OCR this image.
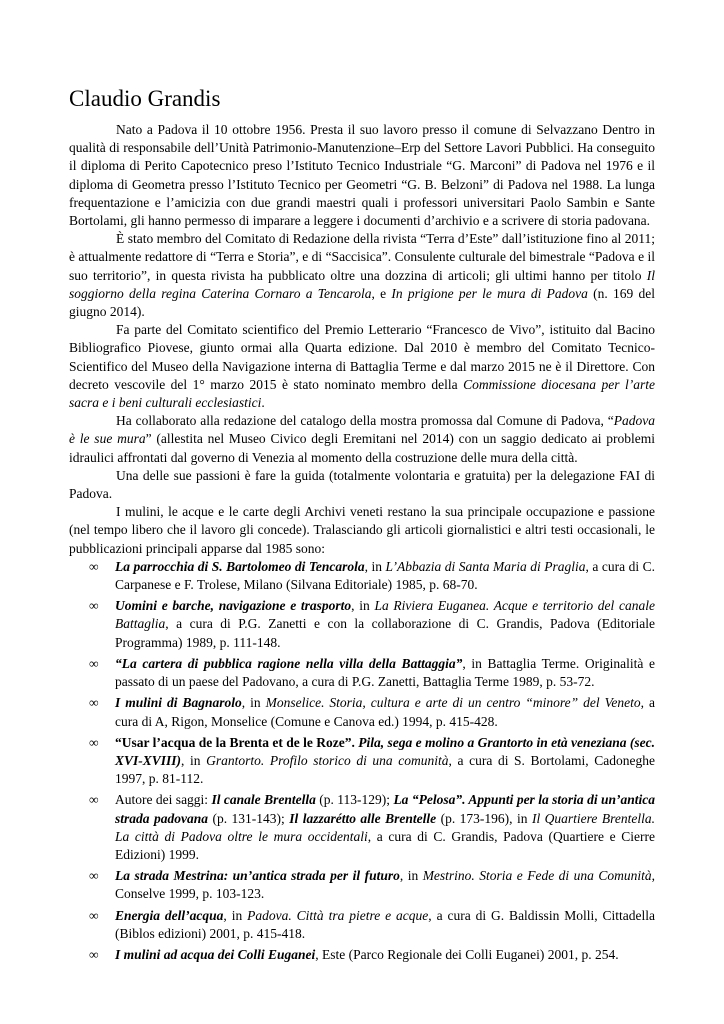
Claudio Grandis

Nato a Padova il 10 ottobre 1956. Presta il suo lavoro presso il comune di Selvazzano Dentro in qualità di responsabile dell’Unità Patrimonio-Manutenzione–Erp del Settore Lavori Pubblici. Ha conseguito il diploma di Perito Capotecnico preso l’Istituto Tecnico Industriale “G. Marconi” di Padova nel 1976 e il diploma di Geometra presso l’Istituto Tecnico per Geometri “G. B. Belzoni” di Padova nel 1988. La lunga frequentazione e l’amicizia con due grandi maestri quali i professori universitari Paolo Sambin e Sante Bortolami, gli hanno permesso di imparare a leggere i documenti d’archivio e a scrivere di storia padovana.

È stato membro del Comitato di Redazione della rivista “Terra d’Este” dall’istituzione fino al 2011; è attualmente redattore di “Terra e Storia”, e di “Saccisica”. Consulente culturale del bimestrale “Padova e il suo territorio”, in questa rivista ha pubblicato oltre una dozzina di articoli; gli ultimi hanno per titolo Il soggiorno della regina Caterina Cornaro a Tencarola, e In prigione per le mura di Padova (n. 169 del giugno 2014).

Fa parte del Comitato scientifico del Premio Letterario “Francesco de Vivo”, istituito dal Bacino Bibliografico Piovese, giunto ormai alla Quarta edizione. Dal 2010 è membro del Comitato Tecnico-Scientifico del Museo della Navigazione interna di Battaglia Terme e dal marzo 2015 ne è il Direttore. Con decreto vescovile del 1° marzo 2015 è stato nominato membro della Commissione diocesana per l’arte sacra e i beni culturali ecclesiastici.

Ha collaborato alla redazione del catalogo della mostra promossa dal Comune di Padova, “Padova è le sue mura” (allestita nel Museo Civico degli Eremitani nel 2014) con un saggio dedicato ai problemi idraulici affrontati dal governo di Venezia al momento della costruzione delle mura della città.

Una delle sue passioni è fare la guida (totalmente volontaria e gratuita) per la delegazione FAI di Padova.

I mulini, le acque e le carte degli Archivi veneti restano la sua principale occupazione e passione (nel tempo libero che il lavoro gli concede). Tralasciando gli articoli giornalistici e altri testi occasionali, le pubblicazioni principali apparse dal 1985 sono:

∞ La parrocchia di S. Bartolomeo di Tencarola, in L’Abbazia di Santa Maria di Praglia, a cura di C. Carpanese e F. Trolese, Milano (Silvana Editoriale) 1985, p. 68-70.
∞ Uomini e barche, navigazione e trasporto, in La Riviera Euganea. Acque e territorio del canale Battaglia, a cura di P.G. Zanetti e con la collaborazione di C. Grandis, Padova (Editoriale Programma) 1989, p. 111-148.
∞ “La cartera di pubblica ragione nella villa della Battaggia”, in Battaglia Terme. Originalità e passato di un paese del Padovano, a cura di P.G. Zanetti, Battaglia Terme 1989, p. 53-72.
∞ I mulini di Bagnarolo, in Monselice. Storia, cultura e arte di un centro “minore” del Veneto, a cura di A, Rigon, Monselice (Comune e Canova ed.) 1994, p. 415-428.
∞ “Usar l’acqua de la Brenta et de le Roze”. Pila, sega e molino a Grantorto in età veneziana (sec. XVI-XVIII), in Grantorto. Profilo storico di una comunità, a cura di S. Bortolami, Cadoneghe 1997, p. 81-112.
∞ Autore dei saggi: Il canale Brentella (p. 113-129); La “Pelosa”. Appunti per la storia di un’antica strada padovana (p. 131-143); Il lazzarétto alle Brentelle (p. 173-196), in Il Quartiere Brentella. La città di Padova oltre le mura occidentali, a cura di C. Grandis, Padova (Quartiere e Cierre Edizioni) 1999.
∞ La strada Mestrina: un’antica strada per il futuro, in Mestrino. Storia e Fede di una Comunità, Conselve 1999, p. 103-123.
∞ Energia dell’acqua, in Padova. Città tra pietre e acque, a cura di G. Baldissin Molli, Cittadella (Biblos edizioni) 2001, p. 415-418.
∞ I mulini ad acqua dei Colli Euganei, Este (Parco Regionale dei Colli Euganei) 2001, p. 254.
